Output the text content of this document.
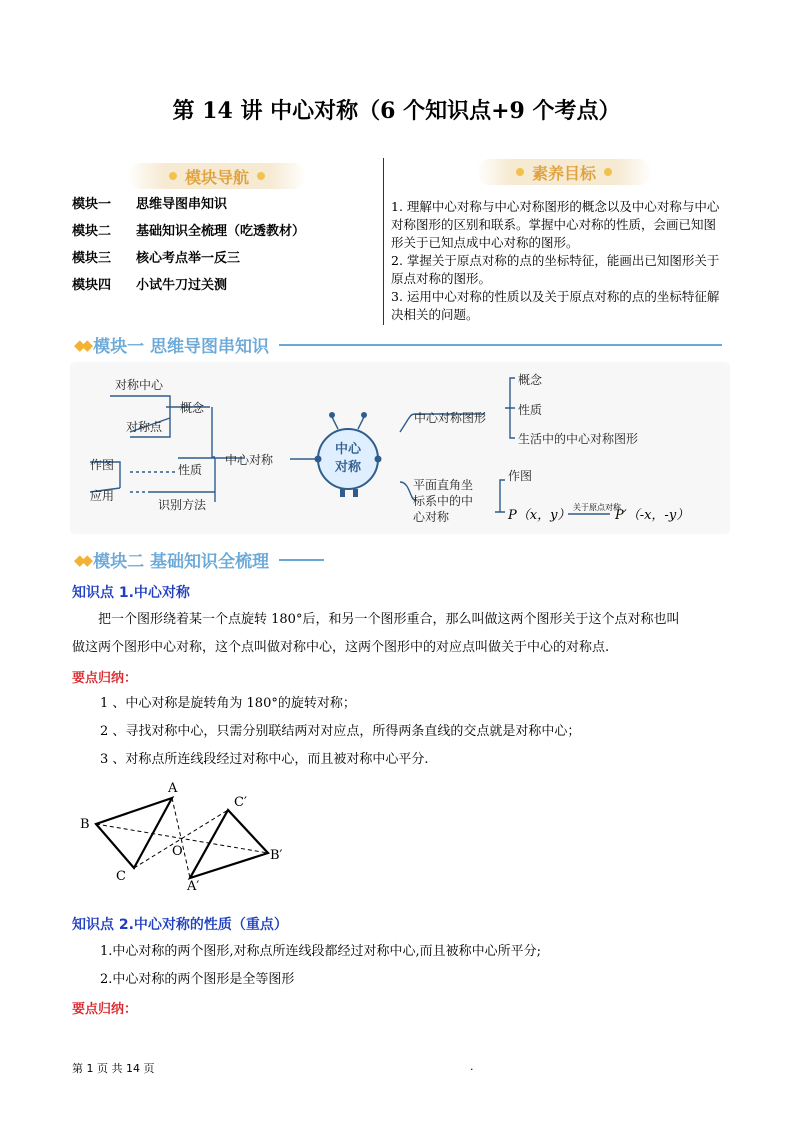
第 14 讲 中心对称（6 个知识点+9 个考点）
模块导航
模块一 思维导图串知识
模块二 基础知识全梳理（吃透教材）
模块三 核心考点举一反三
模块四 小试牛刀过关测
素养目标
1. 理解中心对称与中心对称图形的概念以及中心对称与中心对称图形的区别和联系。掌握中心对称的性质，会画已知图形关于已知点成中心对称的图形。
2. 掌握关于原点对称的点的坐标特征，能画出已知图形关于原点对称的图形。
3. 运用中心对称的性质以及关于原点对称的点的坐标特征解决相关的问题。
◆◆ 模块一 思维导图串知识
中心
对称
对称中心
对称点
概念
中心对称
性质
识别方法
作图
应用
中心对称图形
概念
性质
生活中的中心对称图形
平面直角坐
标系中的中
心对称
作图
P（x，y）
关于原点对称
P′（-x，-y）
◆◆ 模块二 基础知识全梳理
知识点 1.中心对称
把一个图形绕着某一个点旋转 180°后，和另一个图形重合，那么叫做这两个图形关于这个点对称也叫
做这两个图形中心对称，这个点叫做对称中心，这两个图形中的对应点叫做关于中心的对称点.
要点归纳：
1 、中心对称是旋转角为 180°的旋转对称；
2 、寻找对称中心，只需分别联结两对对应点，所得两条直线的交点就是对称中心；
3 、对称点所连线段经过对称中心，而且被对称中心平分.
A
B
C
O
A′
B′
C′
知识点 2.中心对称的性质（重点）
1.中心对称的两个图形,对称点所连线段都经过对称中心,而且被称中心所平分;
2.中心对称的两个图形是全等图形
要点归纳：
第 1 页 共 14 页	.
